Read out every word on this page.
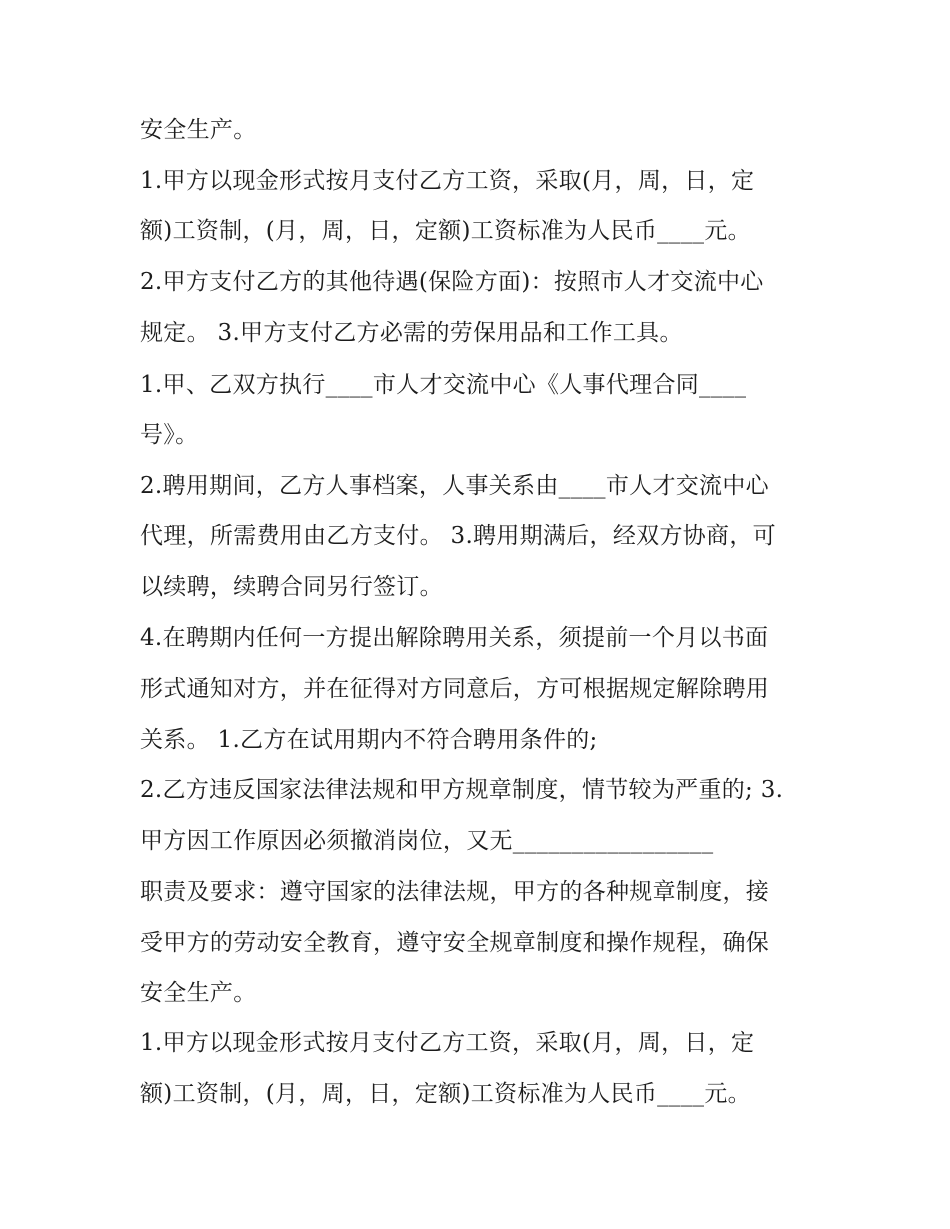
安全生产。
1.甲方以现金形式按月支付乙方工资，采取(月，周，日，定
额)工资制，(月，周，日，定额)工资标准为人民币____元。
2.甲方支付乙方的其他待遇(保险方面)：按照市人才交流中心
规定。 3.甲方支付乙方必需的劳保用品和工作工具。
1.甲、乙双方执行____市人才交流中心《人事代理合同____
号》。
2.聘用期间，乙方人事档案，人事关系由____市人才交流中心
代理，所需费用由乙方支付。 3.聘用期满后，经双方协商，可
以续聘，续聘合同另行签订。
4.在聘期内任何一方提出解除聘用关系，须提前一个月以书面
形式通知对方，并在征得对方同意后，方可根据规定解除聘用
关系。 1.乙方在试用期内不符合聘用条件的;
2.乙方违反国家法律法规和甲方规章制度，情节较为严重的; 3.
甲方因工作原因必须撤消岗位，又无_________________
职责及要求：遵守国家的法律法规，甲方的各种规章制度，接
受甲方的劳动安全教育，遵守安全规章制度和操作规程，确保
安全生产。
1.甲方以现金形式按月支付乙方工资，采取(月，周，日，定
额)工资制，(月，周，日，定额)工资标准为人民币____元。
